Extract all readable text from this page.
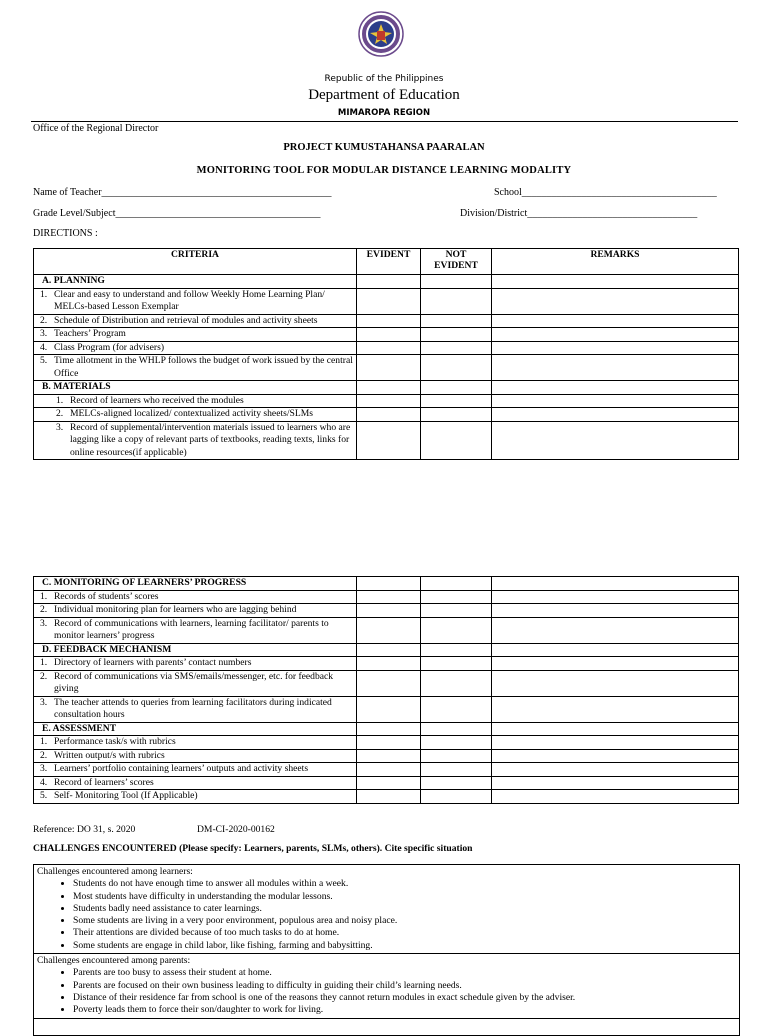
Republic of the Philippines
Department of Education
MIMAROPA REGION
Office of the Regional Director
PROJECT KUMUSTAHANSA PAARALAN
MONITORING TOOL FOR MODULAR DISTANCE LEARNING MODALITY
Name of Teacher______________________________________________	School_______________________________________
Grade Level/Subject_________________________________________	Division/District__________________________________
DIRECTIONS :
CRITERIA	EVIDENT	NOT EVIDENT	REMARKS
A. PLANNING			
1. Clear and easy to understand and follow Weekly Home Learning Plan/ MELCs-based Lesson Exemplar			
2. Schedule of Distribution and retrieval of modules and activity sheets			
3. Teachers’ Program			
4. Class Program (for advisers)			
5. Time allotment in the WHLP follows the budget of work issued by the central Office			
B. MATERIALS			
1. Record of learners who received the modules			
2. MELCs-aligned localized/ contextualized activity sheets/SLMs			
3. Record of supplemental/intervention materials issued to learners who are lagging like a copy of relevant parts of textbooks, reading texts, links for online resources(if applicable)			
C. MONITORING OF LEARNERS’ PROGRESS			
1. Records of students’ scores			
2. Individual monitoring plan for learners who are lagging behind			
3. Record of communications with learners, learning facilitator/ parents to monitor learners’ progress			
D. FEEDBACK MECHANISM			
1. Directory of learners with parents’ contact numbers			
2. Record of communications via SMS/emails/messenger, etc. for feedback giving			
3. The teacher attends to queries from learning facilitators during indicated consultation hours			
E. ASSESSMENT			
1. Performance task/s with rubrics			
2. Written output/s with rubrics			
3. Learners’ portfolio containing learners’ outputs and activity sheets			
4. Record of learners’ scores			
5. Self- Monitoring Tool (If Applicable)			
Reference: DO 31, s. 2020	DM-CI-2020-00162
CHALLENGES ENCOUNTERED (Please specify: Learners, parents, SLMs, others). Cite specific situation
Challenges encountered among learners:
• Students do not have enough time to answer all modules within a week.
• Most students have difficulty in understanding the modular lessons.
• Students badly need assistance to cater learnings.
• Some students are living in a very poor environment, populous area and noisy place.
• Their attentions are divided because of too much tasks to do at home.
• Some students are engage in child labor, like fishing, farming and babysitting.
Challenges encountered among parents:
• Parents are too busy to assess their student at home.
• Parents are focused on their own business leading to difficulty in guiding their child’s learning needs.
• Distance of their residence far from school is one of the reasons they cannot return modules in exact schedule given by the adviser.
• Poverty leads them to force their son/daughter to work for living.
